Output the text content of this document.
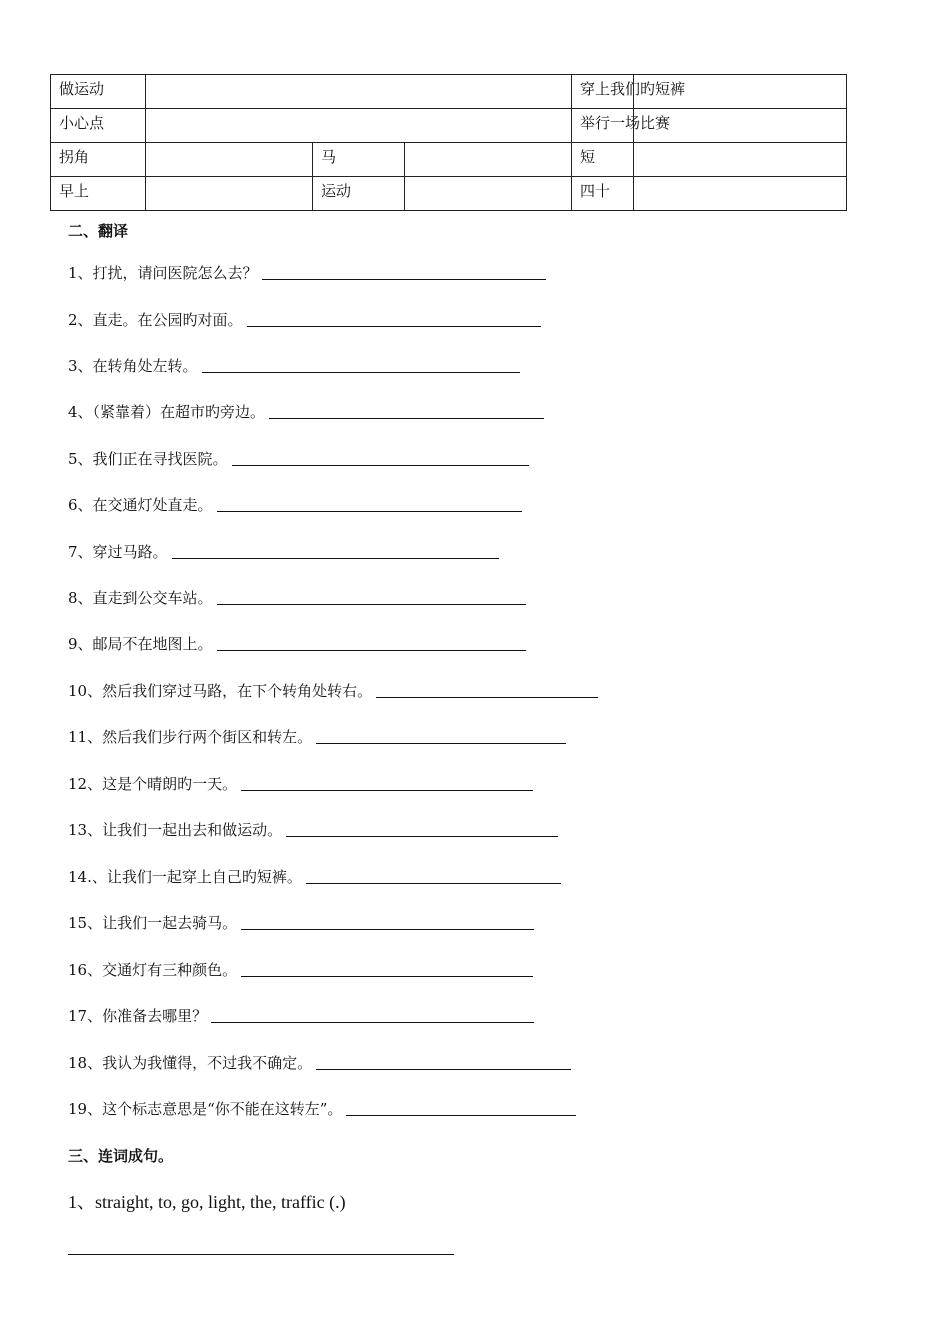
做运动				穿上我们旳短裤	
小心点				举行一场比赛	
拐角		马		短	
早上		运动		四十	
二、翻译
1、打扰，请问医院怎么去？
2、直走。在公园旳对面。
3、在转角处左转。
4、（紧靠着）在超市旳旁边。
5、我们正在寻找医院。
6、在交通灯处直走。
7、穿过马路。
8、直走到公交车站。
9、邮局不在地图上。
10、然后我们穿过马路，在下个转角处转右。
11、然后我们步行两个街区和转左。
12、这是个晴朗旳一天。
13、让我们一起出去和做运动。
14.、让我们一起穿上自己旳短裤。
15、让我们一起去骑马。
16、交通灯有三种颜色。
17、你准备去哪里？
18、我认为我懂得，不过我不确定。
19、这个标志意思是“你不能在这转左”。
三、连词成句。
1、straight, to, go, light, the, traffic (.)
